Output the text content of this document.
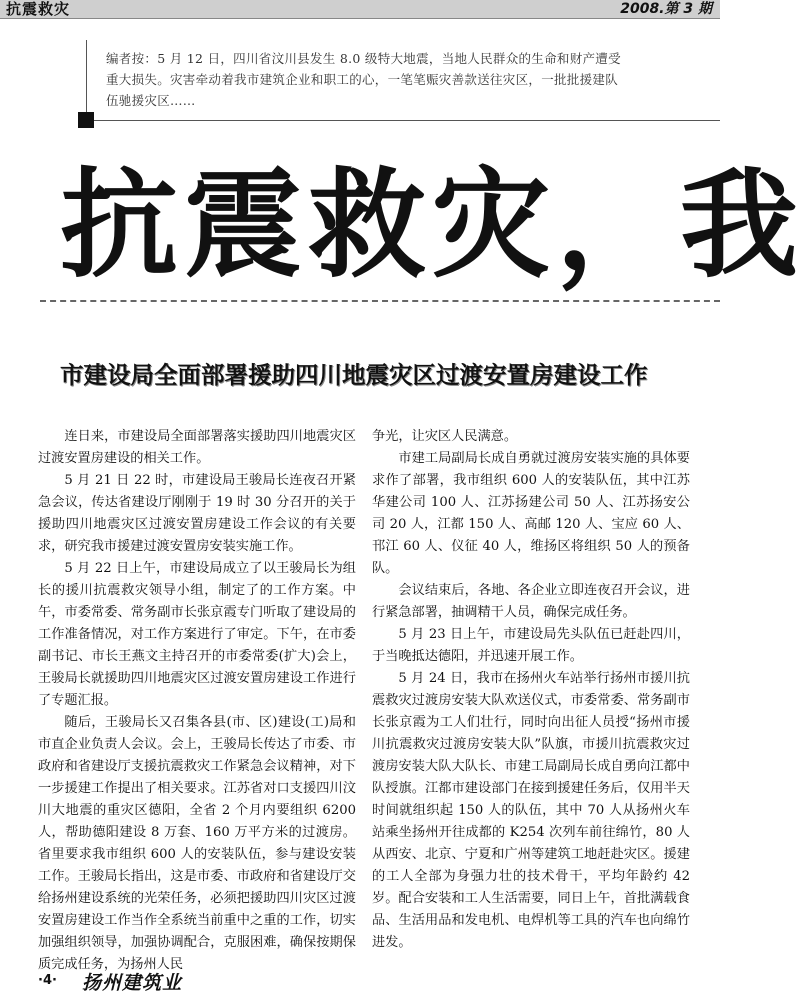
抗震救灾	2008.第 3 期
编者按：5 月 12 日，四川省汶川县发生 8.0 级特大地震，当地人民群众的生命和财产遭受重大损失。灾害牵动着我市建筑企业和职工的心，一笔笔赈灾善款送往灾区，一批批援建队伍驰援灾区……
抗震救灾，我
市建设局全面部署援助四川地震灾区过渡安置房建设工作

连日来，市建设局全面部署落实援助四川地震灾区过渡安置房建设的相关工作。

5 月 21 日 22 时，市建设局王骏局长连夜召开紧急会议，传达省建设厅刚刚于 19 时 30 分召开的关于援助四川地震灾区过渡安置房建设工作会议的有关要求，研究我市援建过渡安置房安装实施工作。

5 月 22 日上午，市建设局成立了以王骏局长为组长的援川抗震救灾领导小组，制定了的工作方案。中午，市委常委、常务副市长张京霞专门听取了建设局的工作准备情况，对工作方案进行了审定。下午，在市委副书记、市长王燕文主持召开的市委常委(扩大)会上，王骏局长就援助四川地震灾区过渡安置房建设工作进行了专题汇报。

随后，王骏局长又召集各县(市、区)建设(工)局和市直企业负责人会议。会上，王骏局长传达了市委、市政府和省建设厅支援抗震救灾工作紧急会议精神，对下一步援建工作提出了相关要求。江苏省对口支援四川汶川大地震的重灾区德阳，全省 2 个月内要组织 6200 人，帮助德阳建设 8 万套、160 万平方米的过渡房。省里要求我市组织 600 人的安装队伍，参与建设安装工作。王骏局长指出，这是市委、市政府和省建设厅交给扬州建设系统的光荣任务，必须把援助四川灾区过渡安置房建设工作当作全系统当前重中之重的工作，切实加强组织领导，加强协调配合，克服困难，确保按期保质完成任务，为扬州人民

争光，让灾区人民满意。

市建工局副局长成自勇就过渡房安装实施的具体要求作了部署，我市组织 600 人的安装队伍，其中江苏华建公司 100 人、江苏扬建公司 50 人、江苏扬安公司 20 人，江都 150 人、高邮 120 人、宝应 60 人、邗江 60 人、仪征 40 人，维扬区将组织 50 人的预备队。

会议结束后，各地、各企业立即连夜召开会议，进行紧急部署，抽调精干人员，确保完成任务。

5 月 23 日上午，市建设局先头队伍已赶赴四川，于当晚抵达德阳，并迅速开展工作。

5 月 24 日，我市在扬州火车站举行扬州市援川抗震救灾过渡房安装大队欢送仪式，市委常委、常务副市长张京霞为工人们壮行，同时向出征人员授“扬州市援川抗震救灾过渡房安装大队”队旗，市援川抗震救灾过渡房安装大队大队长、市建工局副局长成自勇向江都中队授旗。江都市建设部门在接到援建任务后，仅用半天时间就组织起 150 人的队伍，其中 70 人从扬州火车站乘坐扬州开往成都的 K254 次列车前往绵竹，80 人从西安、北京、宁夏和广州等建筑工地赶赴灾区。援建的工人全部为身强力壮的技术骨干，平均年龄约 42 岁。配合安装和工人生活需要，同日上午，首批满载食品、生活用品和发电机、电焊机等工具的汽车也向绵竹进发。

·4· 扬州建筑业
